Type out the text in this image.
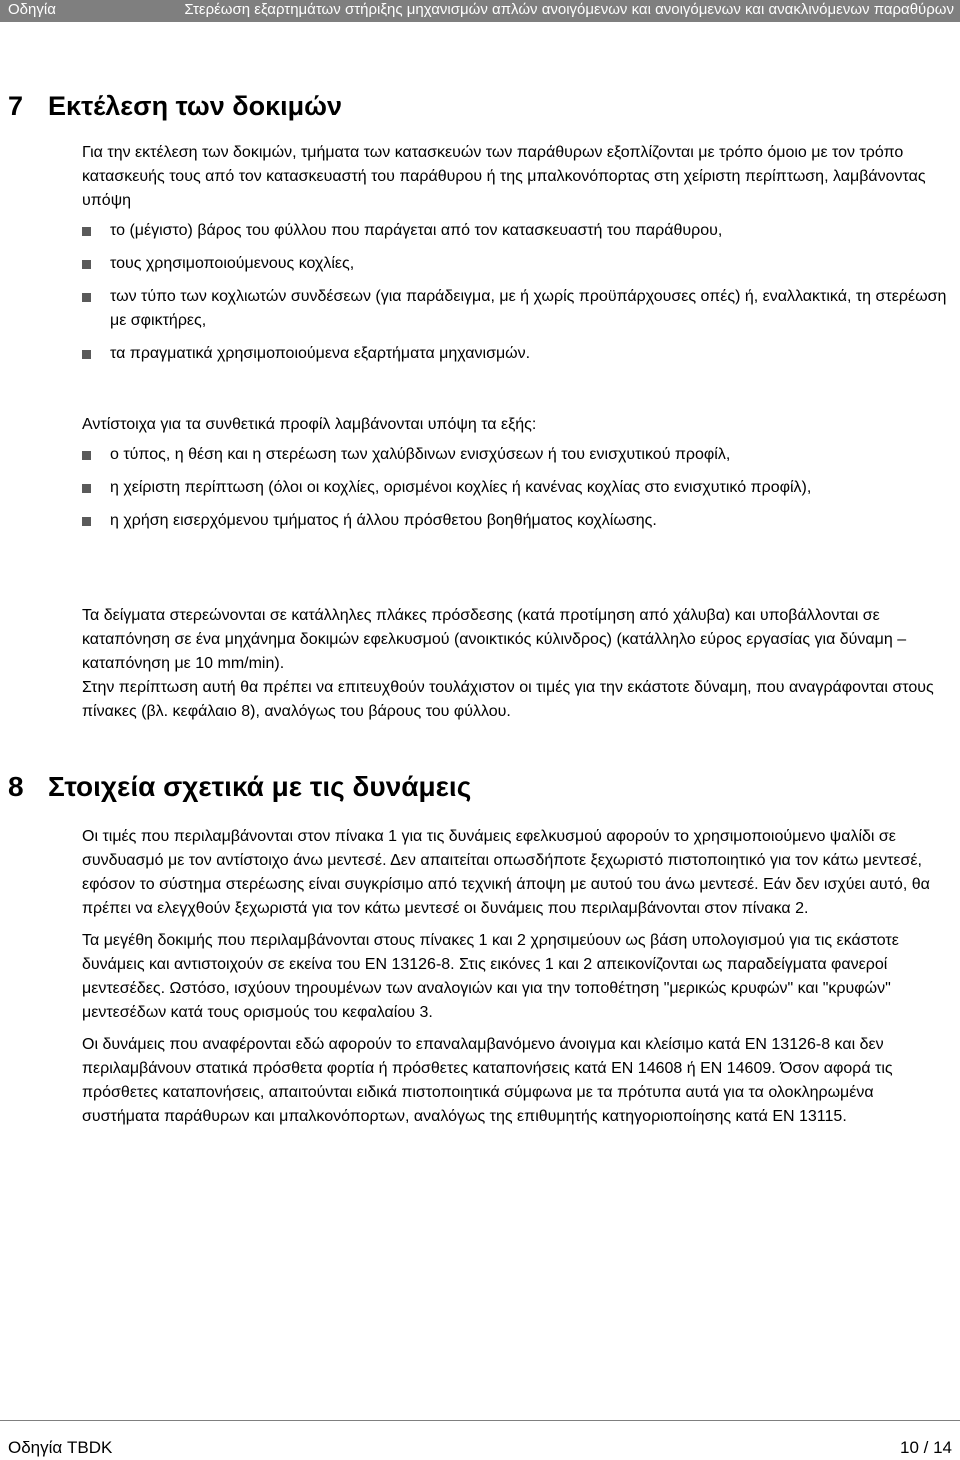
Οδηγία	Στερέωση εξαρτημάτων στήριξης μηχανισμών απλών ανοιγόμενων και ανοιγόμενων και ανακλινόμενων παραθύρων
7 Εκτέλεση των δοκιμών

Για την εκτέλεση των δοκιμών, τμήματα των κατασκευών των παράθυρων εξοπλίζονται με τρόπο όμοιο με τον τρόπο κατασκευής τους από τον κατασκευαστή του παράθυρου ή της μπαλκονόπορτας στη χείριστη περίπτωση, λαμβάνοντας υπόψη

το (μέγιστο) βάρος του φύλλου που παράγεται από τον κατασκευαστή του παράθυρου,
τους χρησιμοποιούμενους κοχλίες,
των τύπο των κοχλιωτών συνδέσεων (για παράδειγμα, με ή χωρίς προϋπάρχουσες οπές) ή, εναλλακτικά, τη στερέωση με σφικτήρες,
τα πραγματικά χρησιμοποιούμενα εξαρτήματα μηχανισμών.

Αντίστοιχα για τα συνθετικά προφίλ λαμβάνονται υπόψη τα εξής:

ο τύπος, η θέση και η στερέωση των χαλύβδινων ενισχύσεων ή του ενισχυτικού προφίλ,
η χείριστη περίπτωση (όλοι οι κοχλίες, ορισμένοι κοχλίες ή κανένας κοχλίας στο ενισχυτικό προφίλ),
η χρήση εισερχόμενου τμήματος ή άλλου πρόσθετου βοηθήματος κοχλίωσης.

Τα δείγματα στερεώνονται σε κατάλληλες πλάκες πρόσδεσης (κατά προτίμηση από χάλυβα) και υποβάλλονται σε καταπόνηση σε ένα μηχάνημα δοκιμών εφελκυσμού (ανοικτικός κύλινδρος) (κατάλληλο εύρος εργασίας για δύναμη – καταπόνηση με 10 mm/min).

Στην περίπτωση αυτή θα πρέπει να επιτευχθούν τουλάχιστον οι τιμές για την εκάστοτε δύναμη, που αναγράφονται στους πίνακες (βλ. κεφάλαιο 8), αναλόγως του βάρους του φύλλου.

8 Στοιχεία σχετικά με τις δυνάμεις

Οι τιμές που περιλαμβάνονται στον πίνακα 1 για τις δυνάμεις εφελκυσμού αφορούν το χρησιμοποιούμενο ψαλίδι σε συνδυασμό με τον αντίστοιχο άνω μεντεσέ. Δεν απαιτείται οπωσδήποτε ξεχωριστό πιστοποιητικό για τον κάτω μεντεσέ, εφόσον το σύστημα στερέωσης είναι συγκρίσιμο από τεχνική άποψη με αυτού του άνω μεντεσέ. Εάν δεν ισχύει αυτό, θα πρέπει να ελεγχθούν ξεχωριστά για τον κάτω μεντεσέ οι δυνάμεις που περιλαμβάνονται στον πίνακα 2.

Τα μεγέθη δοκιμής που περιλαμβάνονται στους πίνακες 1 και 2 χρησιμεύουν ως βάση υπολογισμού για τις εκάστοτε δυνάμεις και αντιστοιχούν σε εκείνα του EN 13126-8. Στις εικόνες 1 και 2 απεικονίζονται ως παραδείγματα φανεροί μεντεσέδες. Ωστόσο, ισχύουν τηρουμένων των αναλογιών και για την τοποθέτηση "μερικώς κρυφών" και "κρυφών" μεντεσέδων κατά τους ορισμούς του κεφαλαίου 3.

Οι δυνάμεις που αναφέρονται εδώ αφορούν το επαναλαμβανόμενο άνοιγμα και κλείσιμο κατά EN 13126-8 και δεν περιλαμβάνουν στατικά πρόσθετα φορτία ή πρόσθετες καταπονήσεις κατά EN 14608 ή EN 14609. Όσον αφορά τις πρόσθετες καταπονήσεις, απαιτούνται ειδικά πιστοποιητικά σύμφωνα με τα πρότυπα αυτά για τα ολοκληρωμένα συστήματα παράθυρων και μπαλκονόπορτων, αναλόγως της επιθυμητής κατηγοριοποίησης κατά EN 13115.

Οδηγία TBDK	10 / 14
